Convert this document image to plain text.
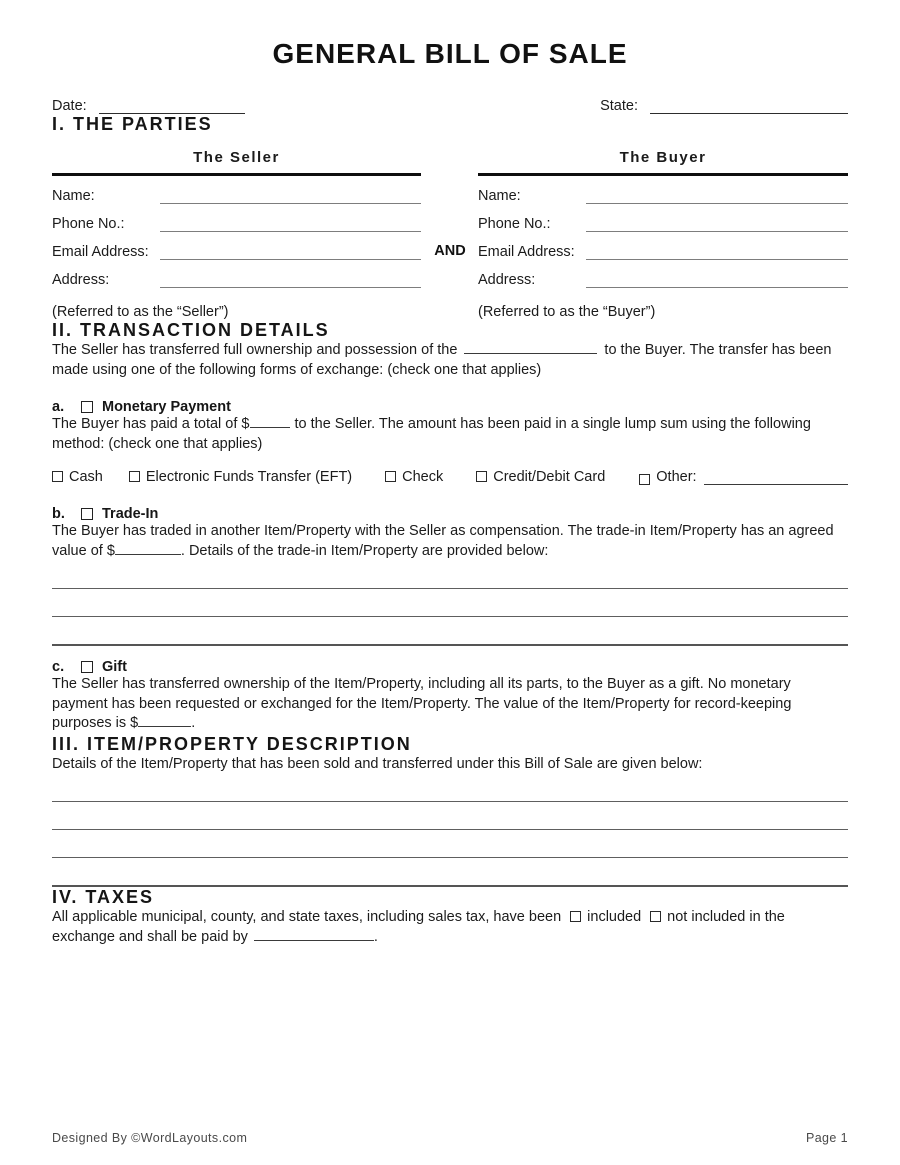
GENERAL BILL OF SALE
Date:	State:
I. THE PARTIES
The Seller
Name:
Phone No.:
Email Address:
Address:
(Referred to as the “Seller”)
AND
The Buyer
Name:
Phone No.:
Email Address:
Address:
(Referred to as the “Buyer”)
II. TRANSACTION DETAILS

The Seller has transferred full ownership and possession of the	to the Buyer. The transfer has been made using one of the following forms of exchange: (check one that applies)

a.	Monetary Payment

The Buyer has paid a total of $	to the Seller. The amount has been paid in a single lump sum using the following method: (check one that applies)

Cash	Electronic Funds Transfer (EFT)	Check	Credit/Debit Card	Other:
b.	Trade-In

The Buyer has traded in another Item/Property with the Seller as compensation. The trade-in Item/Property has an agreed value of $	. Details of the trade-in Item/Property are provided below:

c.	Gift

The Seller has transferred ownership of the Item/Property, including all its parts, to the Buyer as a gift. No monetary payment has been requested or exchanged for the Item/Property. The value of the Item/Property for record-keeping purposes is $	.

III. ITEM/PROPERTY DESCRIPTION

Details of the Item/Property that has been sold and transferred under this Bill of Sale are given below:

IV. TAXES

All applicable municipal, county, and state taxes, including sales tax, have been included not included in the exchange and shall be paid by	.

Designed By ©WordLayouts.com	Page 1
